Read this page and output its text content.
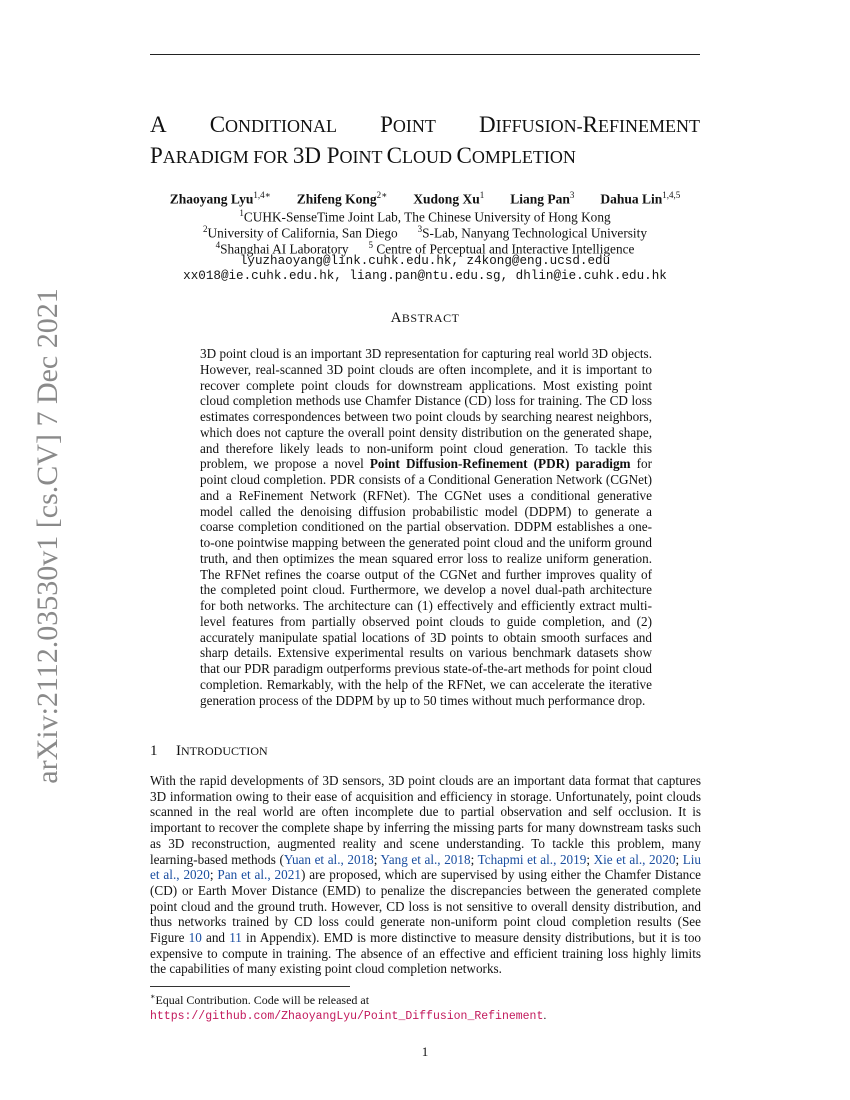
arXiv:2112.03530v1 [cs.CV] 7 Dec 2021
A CONDITIONAL POINT DIFFUSION-REFINEMENT
PARADIGM FOR 3D POINT CLOUD COMPLETION
Zhaoyang Lyu$^{1,4∗}$ Zhifeng Kong$^{2∗}$ Xudong Xu$^1$ Liang Pan$^3$ Dahua Lin$^{1,4,5}$
$^1$CUHK-SenseTime Joint Lab, The Chinese University of Hong Kong
$^2$University of California, San Diego $^3$S-Lab, Nanyang Technological University
$^4$Shanghai AI Laboratory $^5$ Centre of Perceptual and Interactive Intelligence
lyuzhaoyang@link.cuhk.edu.hk, z4kong@eng.ucsd.edu
xx018@ie.cuhk.edu.hk, liang.pan@ntu.edu.sg, dhlin@ie.cuhk.edu.hk
ABSTRACT
3D point cloud is an important 3D representation for capturing real world 3D objects. However, real-scanned 3D point clouds are often incomplete, and it is important to recover complete point clouds for downstream applications. Most existing point cloud completion methods use Chamfer Distance (CD) loss for training. The CD loss estimates correspondences between two point clouds by searching nearest neighbors, which does not capture the overall point density distribution on the generated shape, and therefore likely leads to non-uniform point cloud generation. To tackle this problem, we propose a novel Point Diffusion-Refinement (PDR) paradigm for point cloud completion. PDR consists of a Conditional Generation Network (CGNet) and a ReFinement Network (RFNet). The CGNet uses a conditional generative model called the denoising diffusion probabilistic model (DDPM) to generate a coarse completion conditioned on the partial observation. DDPM establishes a one-to-one pointwise mapping between the generated point cloud and the uniform ground truth, and then optimizes the mean squared error loss to realize uniform generation. The RFNet refines the coarse output of the CGNet and further improves quality of the completed point cloud. Furthermore, we develop a novel dual-path architecture for both networks. The architecture can (1) effectively and efficiently extract multi-level features from partially observed point clouds to guide completion, and (2) accurately manipulate spatial locations of 3D points to obtain smooth surfaces and sharp details. Extensive experimental results on various benchmark datasets show that our PDR paradigm outperforms previous state-of-the-art methods for point cloud completion. Remarkably, with the help of the RFNet, we can accelerate the iterative generation process of the DDPM by up to 50 times without much performance drop.
1 INTRODUCTION
With the rapid developments of 3D sensors, 3D point clouds are an important data format that captures 3D information owing to their ease of acquisition and efficiency in storage. Unfortunately, point clouds scanned in the real world are often incomplete due to partial observation and self occlusion. It is important to recover the complete shape by inferring the missing parts for many downstream tasks such as 3D reconstruction, augmented reality and scene understanding. To tackle this problem, many learning-based methods (Yuan et al., 2018; Yang et al., 2018; Tchapmi et al., 2019; Xie et al., 2020; Liu et al., 2020; Pan et al., 2021) are proposed, which are supervised by using either the Chamfer Distance (CD) or Earth Mover Distance (EMD) to penalize the discrepancies between the generated complete point cloud and the ground truth. However, CD loss is not sensitive to overall density distribution, and thus networks trained by CD loss could generate non-uniform point cloud completion results (See Figure 10 and 11 in Appendix). EMD is more distinctive to measure density distributions, but it is too expensive to compute in training. The absence of an effective and efficient training loss highly limits the capabilities of many existing point cloud completion networks.
∗Equal Contribution. Code will be released at https://github.com/ZhaoyangLyu/Point_Diffusion_Refinement.
1
